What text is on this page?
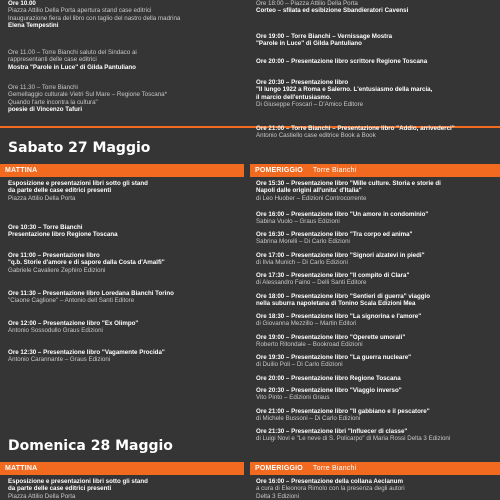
Ore 10.00
Piazza Attilio Della Porta apertura stand case editrici
Inaugurazione fiera del libro con taglio del nastro della madrina
Elena Tempestini
Ore 11.00 – Torre Bianchi saluto del Sindaco ai
rappresentanti delle case editrici
Mostra "Parole in Luce" di Gilda Pantuliano
Ore 11.30 – Torre Bianchi
Gemellaggio culturale Vietri Sul Mare – Regione Toscana*
Quando l'arte incontra la cultura"
poesie di Vincenzo Tafuri
Ore 18:00 – Piazza Attilio Della Porta
Corteo – sfilata ed esibizione Sbandieratori Cavensi
Ore 19:00 – Torre Bianchi – Vernissage Mostra
"Parole in Luce" di Gilda Pantuliano
Ore 20:00 – Presentazione libro scrittore Regione Toscana
Ore 20:30 – Presentazione libro
"Il lungo 1922 a Roma e Salerno. L'entusiasmo della marcia,
il marcio dell'entusiasmo.
Di Giuseppe Foscari – D'Amico Editore
Ore 21:00 – Torre Bianchi – Presentazione libro "Addio, arrivederci"
Antonio Castiello case editrice Book a Book
Sabato 27 Maggio
MATTINA	POMERIGGIO Torre Bianchi
Esposizione e presentazioni libri sotto gli stand
da parte delle case editrici presenti
Piazza Attilio Della Porta
Ore 10:30 – Torre Bianchi
Presentazione libro Regione Toscana
Ore 11:00 – Presentazione libro
"q.b. Storie d'amore e di sapore dalla Costa d'Amalfi"
Gabriele Cavaliere Zephiro Edizioni
Ore 11:30 – Presentazione libro Loredana Bianchi Torino
"Ciaone Caglione" – Antonio dell Santi Editore
Ore 12:00 – Presentazione libro "Ex Olimpo"
Antonio Sossodullo Graus Edizioni
Ore 12:30 – Presentazione libro "Vagamente Procida"
Antonio Carannante – Graus Edizioni
Ore 15:30 – Presentazione libro "Mille culture. Storia e storie di
Napoli dalle origini all'unita' d'Italia"
di Leo Huober – Edizioni Controcorrente
Ore 16:00 – Presentazione libro "Un amore in condominio"
Sabina Vuolo – Graus Edizioni
Ore 16:30 – Presentazione libro "Tra corpo ed anima"
Sabrina Morelli – Di Carlo Edizioni
Ore 17:00 – Presentazione libro "Signori alzatevi in piedi"
di Ilvia Munich – Di Carlo Edizioni
Ore 17:30 – Presentazione libro "Il compito di Clara"
di Alessandro Faino – Delli Santi Editore
Ore 18:00 – Presentazione libro "Sentieri di guerra" viaggio
nella suburra napoletana di Tonino Scala Edizioni Mea
Ore 18:30 – Presentazione libro "La signorina e l'amore"
di Giovanna Mezzillo – Martin Editori
Ore 19:00 – Presentazione libro "Operette umorali"
Roberto Ritondale – Bookroad Edizioni
Ore 19:30 – Presentazione libro "La guerra nucleare"
di Duilio Poli – Di Carlo Edizioni
Ore 20:00 – Presentazione libro Regione Toscana
Ore 20:30 – Presentazione libro "Viaggio inverso"
Vito Pinto – Edizioni Graus
Ore 21:00 – Presentazione libro "Il gabbiano e il pescatore"
di Michele Bussoni – Di Carlo Edizioni
Ore 21:30 – Presentazione libri "Influecer di classe"
di Luigi Novi e "Le neve di S. Policarpo" di Maria Rossi Delta 3 Edizioni
Domenica 28 Maggio
MATTINA	POMERIGGIO Torre Bianchi
Esposizione e presentazioni libri sotto gli stand
da parte delle case editrici presenti
Piazza Attilio Della Porta
Ore 16:00 – Presentazione della collana Aeclanum
a cura di Eleonora Rimolo con la presenza degli autori
Delta 3 Edizioni
